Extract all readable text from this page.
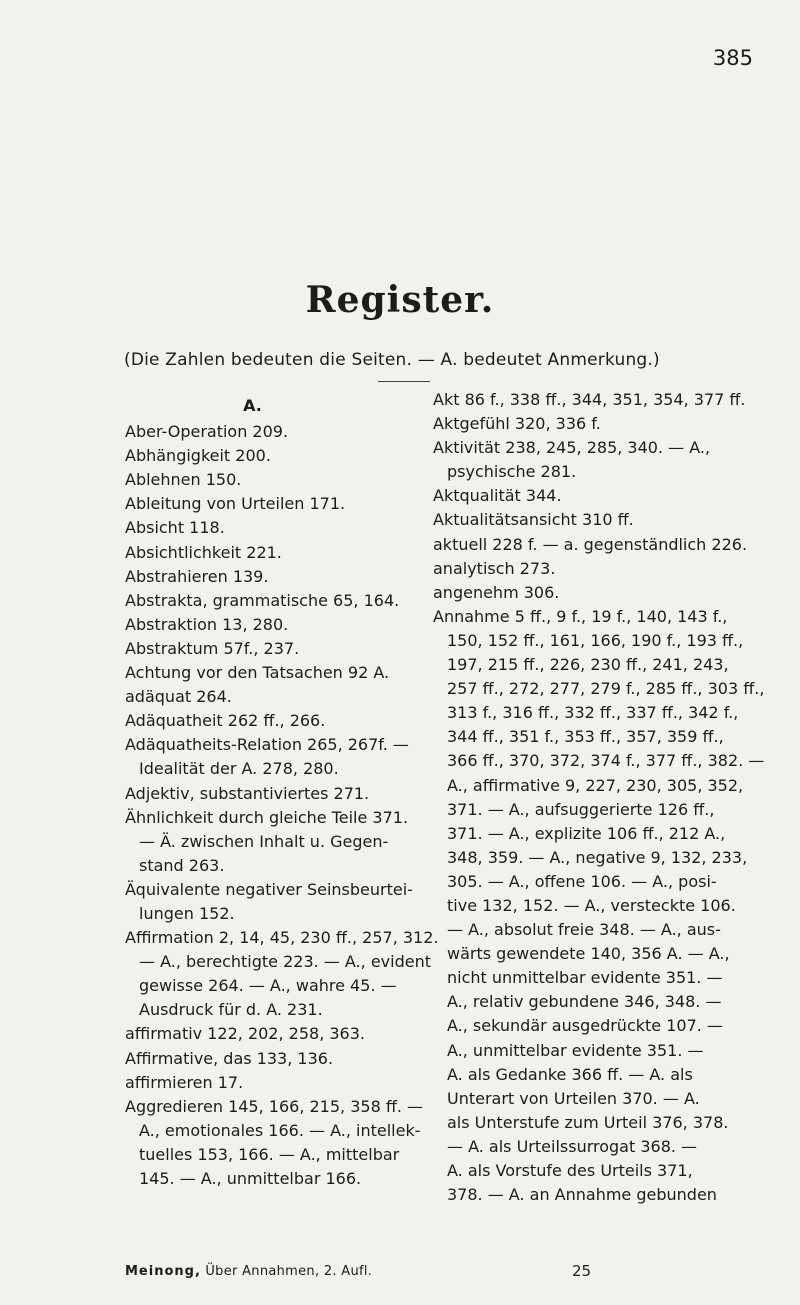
385
Register.
(Die Zahlen bedeuten die Seiten. — A. bedeutet Anmerkung.)
A.
Aber-Operation 209.
Abhängigkeit 200.
Ablehnen 150.
Ableitung von Urteilen 171.
Absicht 118.
Absichtlichkeit 221.
Abstrahieren 139.
Abstrakta, grammatische 65, 164.
Abstraktion 13, 280.
Abstraktum 57f., 237.
Achtung vor den Tatsachen 92 A.
adäquat 264.
Adäquatheit 262 ff., 266.
Adäquatheits-Relation 265, 267f. —
Idealität der A. 278, 280.
Adjektiv, substantiviertes 271.
Ähnlichkeit durch gleiche Teile 371.
— Ä. zwischen Inhalt u. Gegen-
stand 263.
Äquivalente negativer Seinsbeurtei-
lungen 152.
Affirmation 2, 14, 45, 230 ff., 257, 312.
— A., berechtigte 223. — A., evident
gewisse 264. — A., wahre 45. —
Ausdruck für d. A. 231.
affirmativ 122, 202, 258, 363.
Affirmative, das 133, 136.
affirmieren 17.
Aggredieren 145, 166, 215, 358 ff. —
A., emotionales 166. — A., intellek-
tuelles 153, 166. — A., mittelbar
145. — A., unmittelbar 166.
Akt 86 f., 338 ff., 344, 351, 354, 377 ff.
Aktgefühl 320, 336 f.
Aktivität 238, 245, 285, 340. — A.,
psychische 281.
Aktqualität 344.
Aktualitätsansicht 310 ff.
aktuell 228 f. — a. gegenständlich 226.
analytisch 273.
angenehm 306.
Annahme 5 ff., 9 f., 19 f., 140, 143 f.,
150, 152 ff., 161, 166, 190 f., 193 ff.,
197, 215 ff., 226, 230 ff., 241, 243,
257 ff., 272, 277, 279 f., 285 ff., 303 ff.,
313 f., 316 ff., 332 ff., 337 ff., 342 f.,
344 ff., 351 f., 353 ff., 357, 359 ff.,
366 ff., 370, 372, 374 f., 377 ff., 382. —
A., affirmative 9, 227, 230, 305, 352,
371. — A., aufsuggerierte 126 ff.,
371. — A., explizite 106 ff., 212 A.,
348, 359. — A., negative 9, 132, 233,
305. — A., offene 106. — A., posi-
tive 132, 152. — A., versteckte 106.
— A., absolut freie 348. — A., aus-
wärts gewendete 140, 356 A. — A.,
nicht unmittelbar evidente 351. —
A., relativ gebundene 346, 348. —
A., sekundär ausgedrückte 107. —
A., unmittelbar evidente 351. —
A. als Gedanke 366 ff. — A. als
Unterart von Urteilen 370. — A.
als Unterstufe zum Urteil 376, 378.
— A. als Urteilssurrogat 368. —
A. als Vorstufe des Urteils 371,
378. — A. an Annahme gebunden
Meinong, Über Annahmen, 2. Aufl.	25
